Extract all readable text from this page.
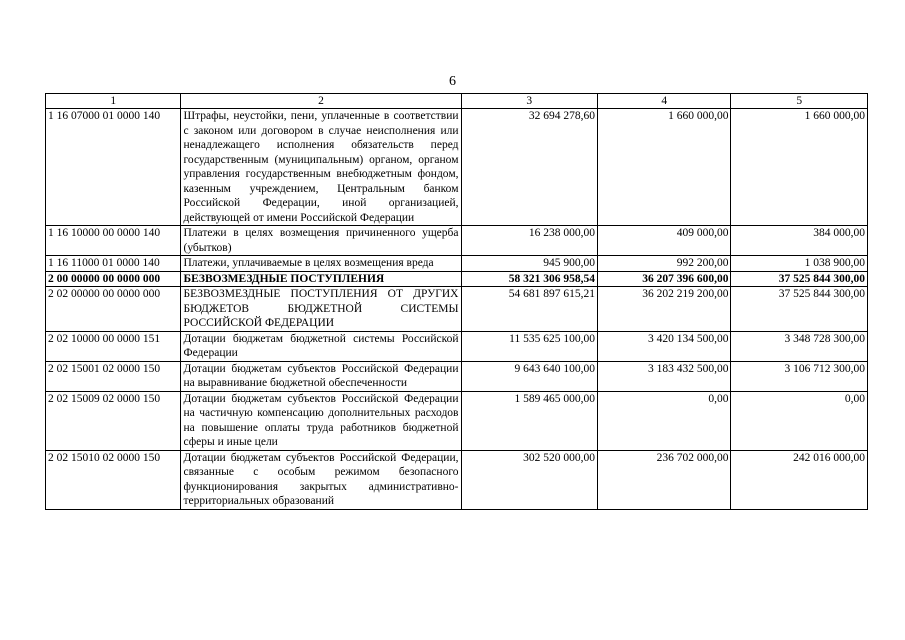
6
1	2	3	4	5
1 16 07000 01 0000 140	Штрафы, неустойки, пени, уплаченные в соответствии с законом или договором в случае неисполнения или ненадлежащего исполнения обязательств перед государственным (муниципальным) органом, органом управления государственным внебюджетным фондом, казенным учреждением, Центральным банком Российской Федерации, иной организацией, действующей от имени Российской Федерации	32 694 278,60	1 660 000,00	1 660 000,00
1 16 10000 00 0000 140	Платежи в целях возмещения причиненного ущерба (убытков)	16 238 000,00	409 000,00	384 000,00
1 16 11000 01 0000 140	Платежи, уплачиваемые в целях возмещения вреда	945 900,00	992 200,00	1 038 900,00
2 00 00000 00 0000 000	БЕЗВОЗМЕЗДНЫЕ ПОСТУПЛЕНИЯ	58 321 306 958,54	36 207 396 600,00	37 525 844 300,00
2 02 00000 00 0000 000	БЕЗВОЗМЕЗДНЫЕ ПОСТУПЛЕНИЯ ОТ ДРУГИХ БЮДЖЕТОВ БЮДЖЕТНОЙ СИСТЕМЫ РОССИЙСКОЙ ФЕДЕРАЦИИ	54 681 897 615,21	36 202 219 200,00	37 525 844 300,00
2 02 10000 00 0000 151	Дотации бюджетам бюджетной системы Российской Федерации	11 535 625 100,00	3 420 134 500,00	3 348 728 300,00
2 02 15001 02 0000 150	Дотации бюджетам субъектов Российской Федерации на выравнивание бюджетной обеспеченности	9 643 640 100,00	3 183 432 500,00	3 106 712 300,00
2 02 15009 02 0000 150	Дотации бюджетам субъектов Российской Федерации на частичную компенсацию дополнительных расходов на повышение оплаты труда работников бюджетной сферы и иные цели	1 589 465 000,00	0,00	0,00
2 02 15010 02 0000 150	Дотации бюджетам субъектов Российской Федерации, связанные с особым режимом безопасного функционирования закрытых административно-территориальных образований	302 520 000,00	236 702 000,00	242 016 000,00
